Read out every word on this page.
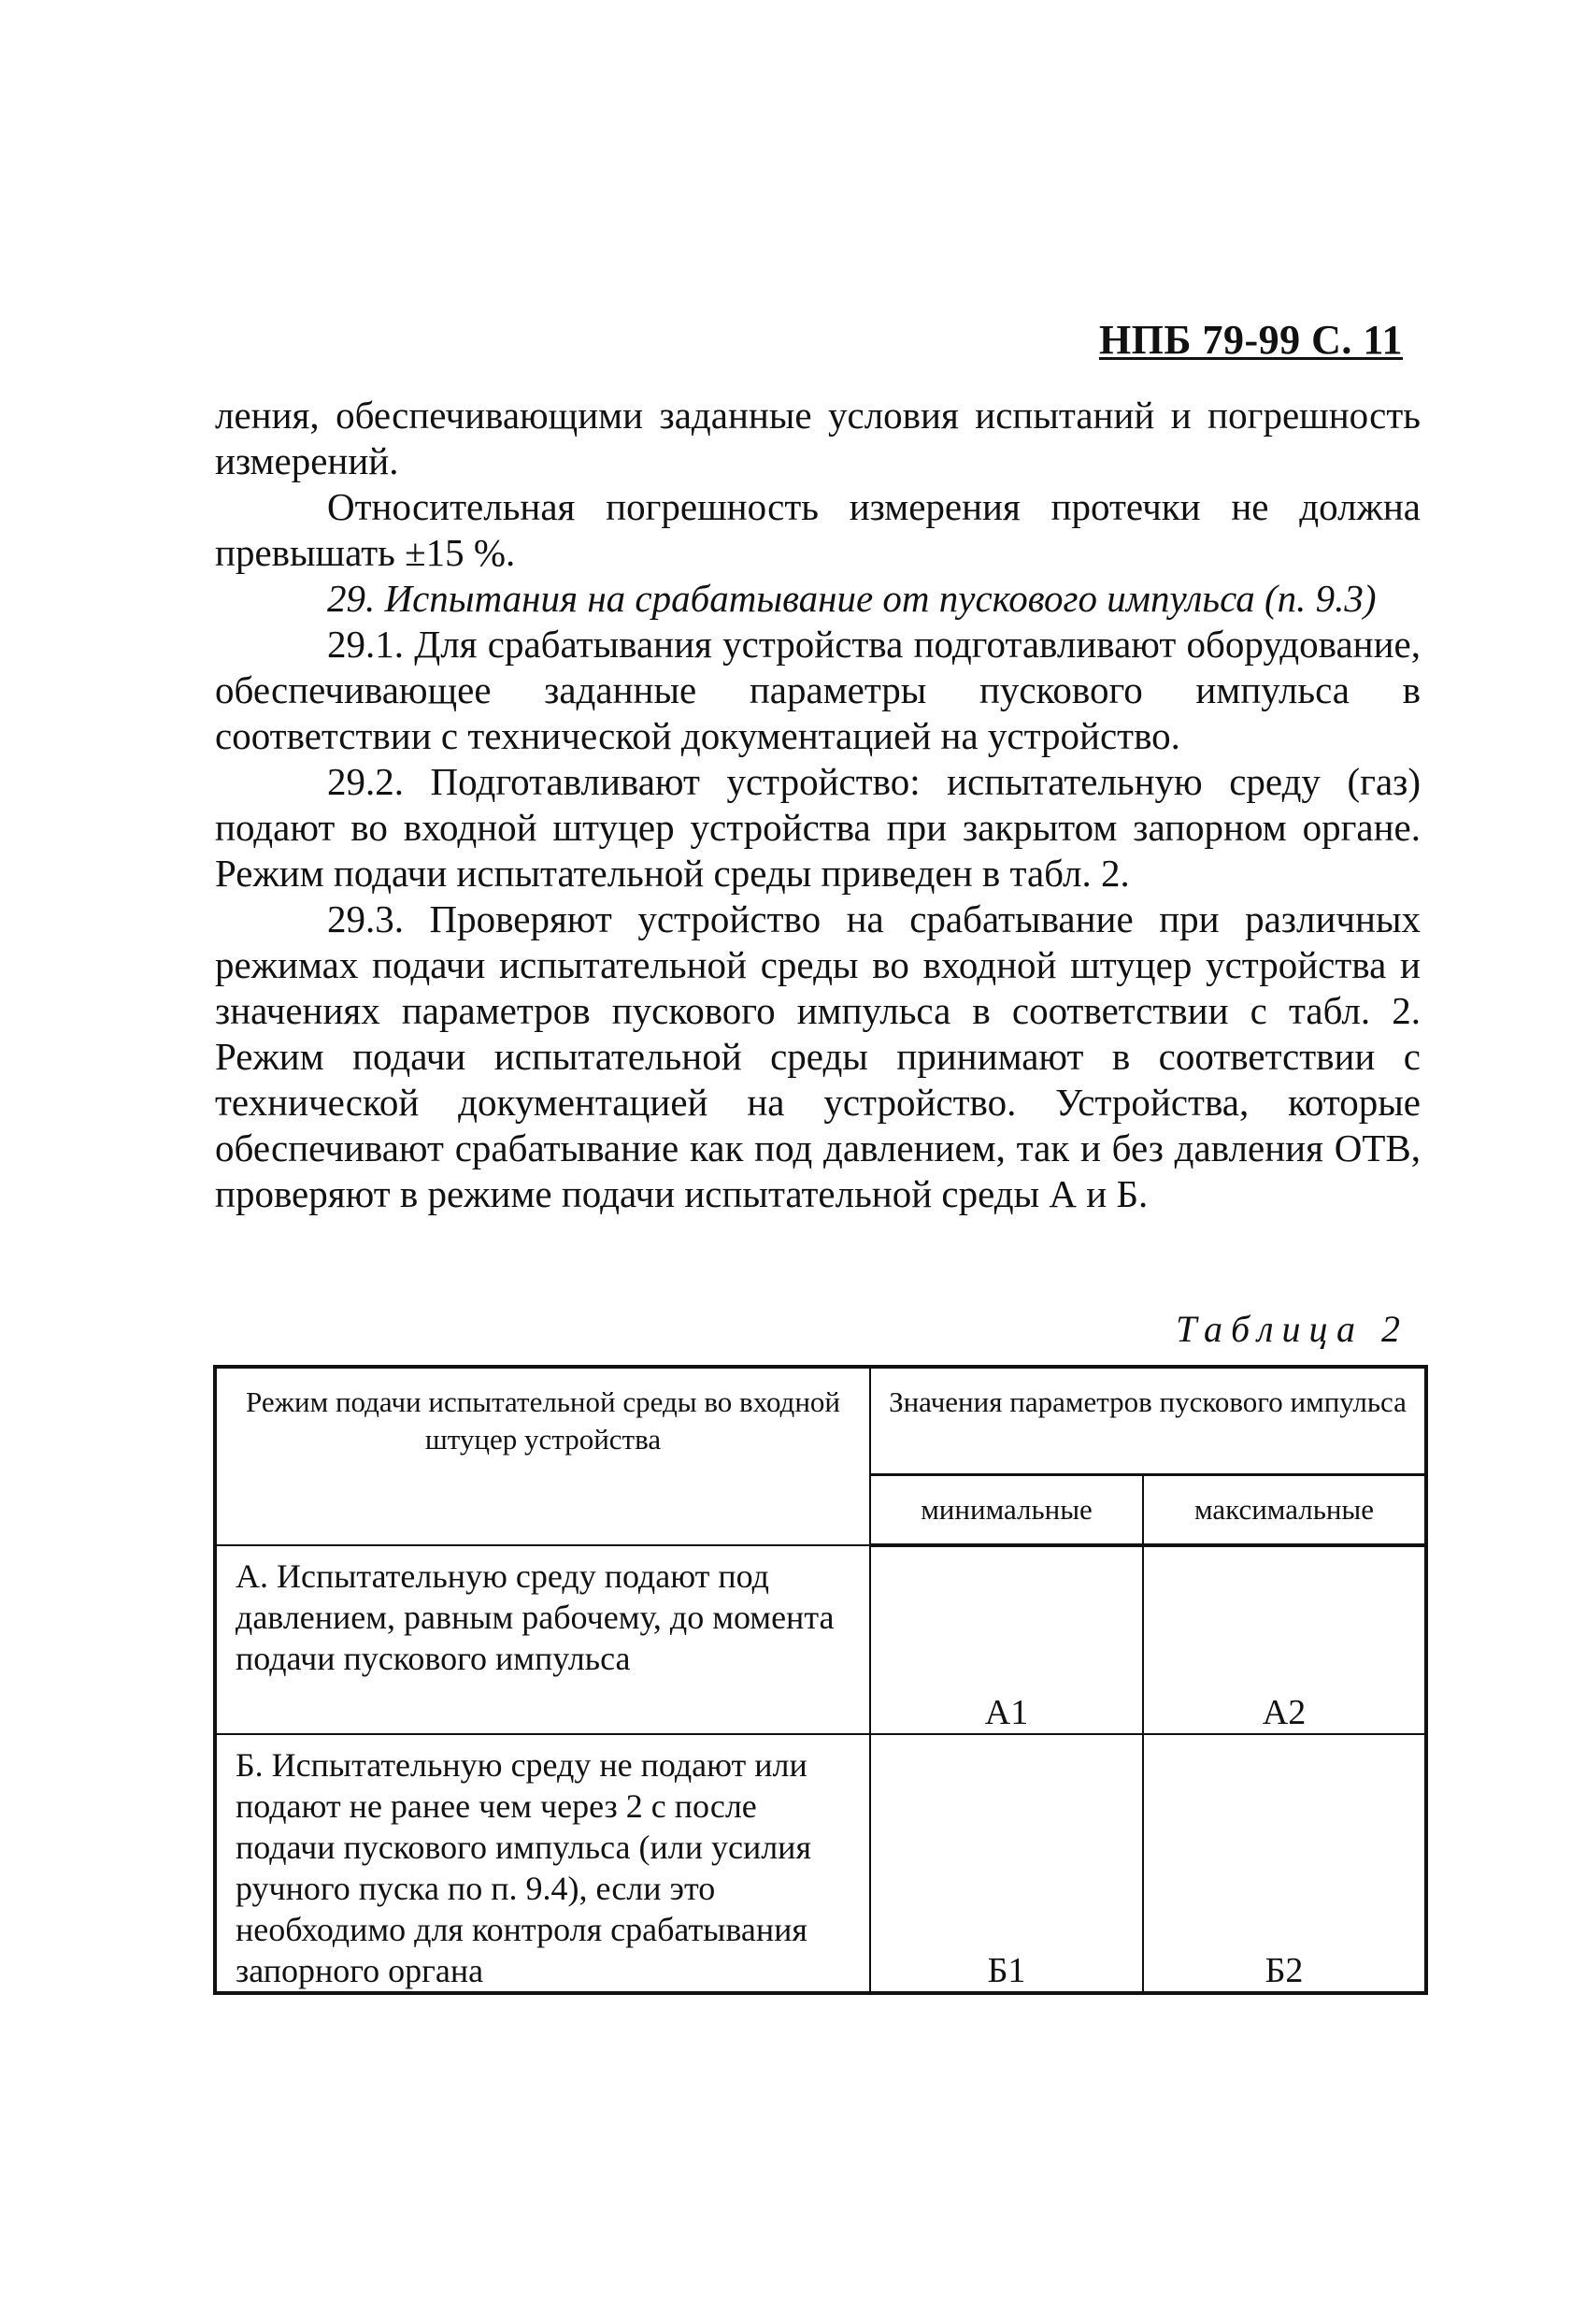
НПБ 79-99 С. 11

ления, обеспечивающими заданные условия испытаний и погрешность измерений.

Относительная погрешность измерения протечки не должна превышать ±15 %.

29. Испытания на срабатывание от пускового импульса (п. 9.3)

29.1. Для срабатывания устройства подготавливают оборудование, обеспечивающее заданные параметры пускового импульса в соответствии с технической документацией на устройство.

29.2. Подготавливают устройство: испытательную среду (газ) подают во входной штуцер устройства при закрытом запорном органе. Режим подачи испытательной среды приведен в табл. 2.

29.3. Проверяют устройство на срабатывание при различных режимах подачи испытательной среды во входной штуцер устройства и значениях параметров пускового импульса в соответствии с табл. 2. Режим подачи испытательной среды принимают в соответствии с технической документацией на устройство. Устройства, которые обеспечивают срабатывание как под давлением, так и без давления ОТВ, проверяют в режиме подачи испытательной среды А и Б.

Таблица 2
Режим подачи испытательной среды во входной штуцер устройства	Значения параметров пускового импульса	
	минимальные	максимальные
А. Испытательную среду подают под давлением, равным рабочему, до момента подачи пускового импульса	А1	А2
Б. Испытательную среду не подают или подают не ранее чем через 2 с после подачи пускового импульса (или усилия ручного пуска по п. 9.4), если это необходимо для контроля срабатывания запорного органа	Б1	Б2
